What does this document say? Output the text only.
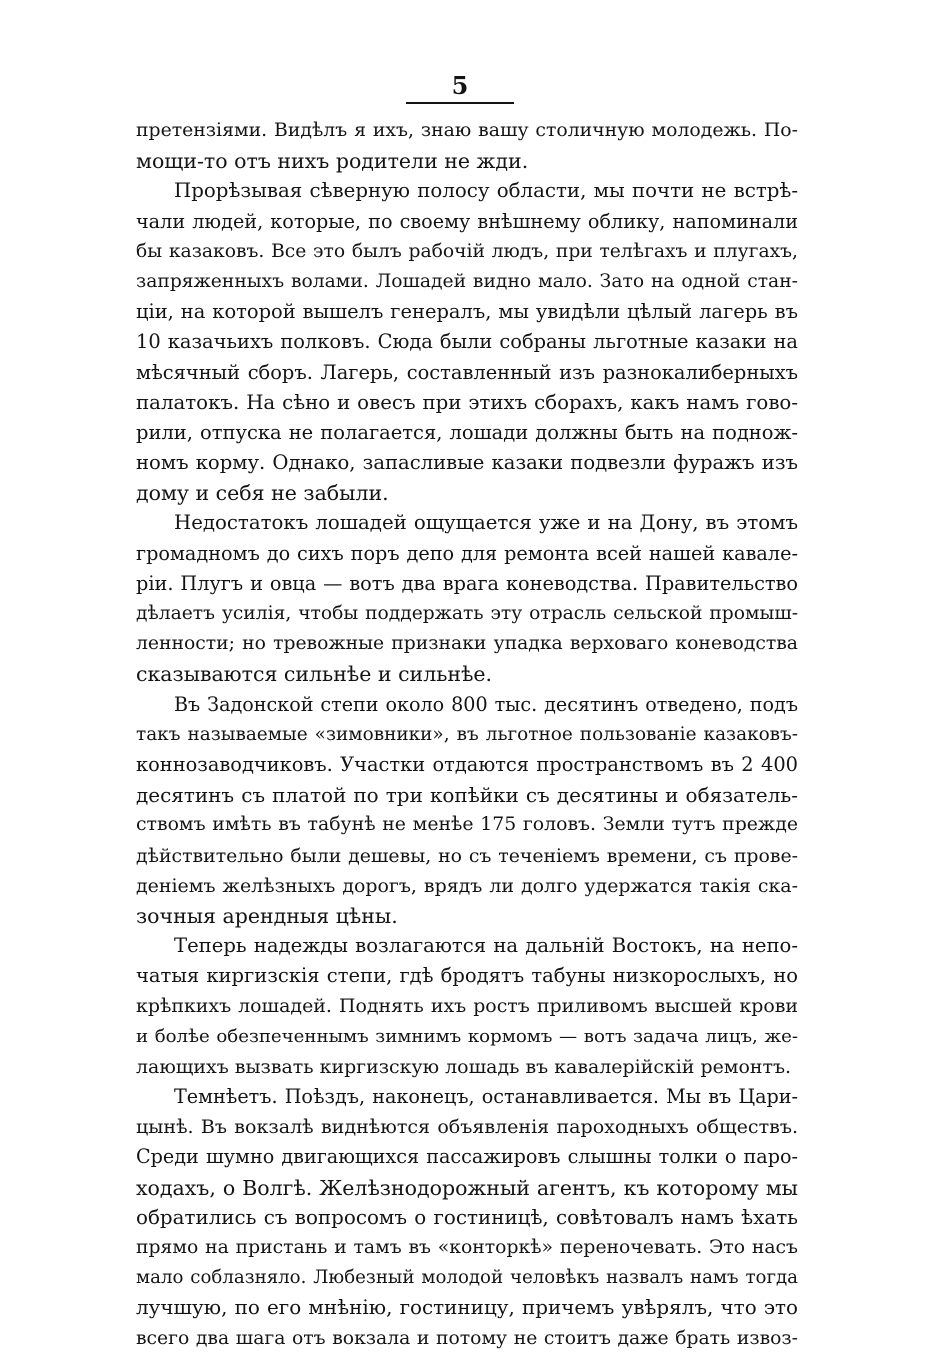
5
претензiями. Видѣлъ я ихъ, знаю вашу столичную молодежь. По-
мощи-то отъ нихъ родители не жди.
Прорѣзывая сѣверную полосу области, мы почти не встрѣ-
чали людей, которые, по своему внѣшнему облику, напоминали
бы казаковъ. Все это былъ рабочiй людъ, при телѣгахъ и плугахъ,
запряженныхъ волами. Лошадей видно мало. Зато на одной стан-
цiи, на которой вышелъ генералъ, мы увидѣли цѣлый лагерь въ
10 казачьихъ полковъ. Сюда были собраны льготные казаки на
мѣсячный сборъ. Лагерь, составленный изъ разнокалиберныхъ
палатокъ. На сѣно и овесъ при этихъ сборахъ, какъ намъ гово-
рили, отпуска не полагается, лошади должны быть на поднож-
номъ корму. Однако, запасливые казаки подвезли фуражъ изъ
дому и себя не забыли.
Недостатокъ лошадей ощущается уже и на Дону, въ этомъ
громадномъ до сихъ поръ депо для ремонта всей нашей кавале-
рiи. Плугъ и овца — вотъ два врага коневодства. Правительство
дѣлаетъ усилiя, чтобы поддержать эту отрасль сельской промыш-
ленности; но тревожные признаки упадка верховаго коневодства
сказываются сильнѣе и сильнѣе.
Въ Задонской степи около 800 тыс. десятинъ отведено, подъ
такъ называемые «зимовники», въ льготное пользованiе казаковъ-
коннозаводчиковъ. Участки отдаются пространствомъ въ 2 400
десятинъ съ платой по три копѣйки съ десятины и обязатель-
ствомъ имѣть въ табунѣ не менѣе 175 головъ. Земли тутъ прежде
дѣйствительно были дешевы, но съ теченiемъ времени, съ прове-
денiемъ желѣзныхъ дорогъ, врядъ ли долго удержатся такiя ска-
зочныя арендныя цѣны.
Теперь надежды возлагаются на дальнiй Востокъ, на непо-
чатыя киргизскiя степи, гдѣ бродятъ табуны низкорослыхъ, но
крѣпкихъ лошадей. Поднять ихъ ростъ приливомъ высшей крови
и болѣе обезпеченнымъ зимнимъ кормомъ — вотъ задача лицъ, же-
лающихъ вызвать киргизскую лошадь въ кавалерiйскiй ремонтъ.
Темнѣетъ. Поѣздъ, наконецъ, останавливается. Мы въ Цари-
цынѣ. Въ вокзалѣ виднѣются объявленiя пароходныхъ обществъ.
Среди шумно двигающихся пассажировъ слышны толки о паро-
ходахъ, о Волгѣ. Желѣзнодорожный агентъ, къ которому мы
обратились съ вопросомъ о гостиницѣ, совѣтовалъ намъ ѣхать
прямо на пристань и тамъ въ «конторкѣ» переночевать. Это насъ
мало соблазняло. Любезный молодой человѣкъ назвалъ намъ тогда
лучшую, по его мнѣнiю, гостиницу, причемъ увѣрялъ, что это
всего два шага отъ вокзала и потому не стоитъ даже брать извоз-
